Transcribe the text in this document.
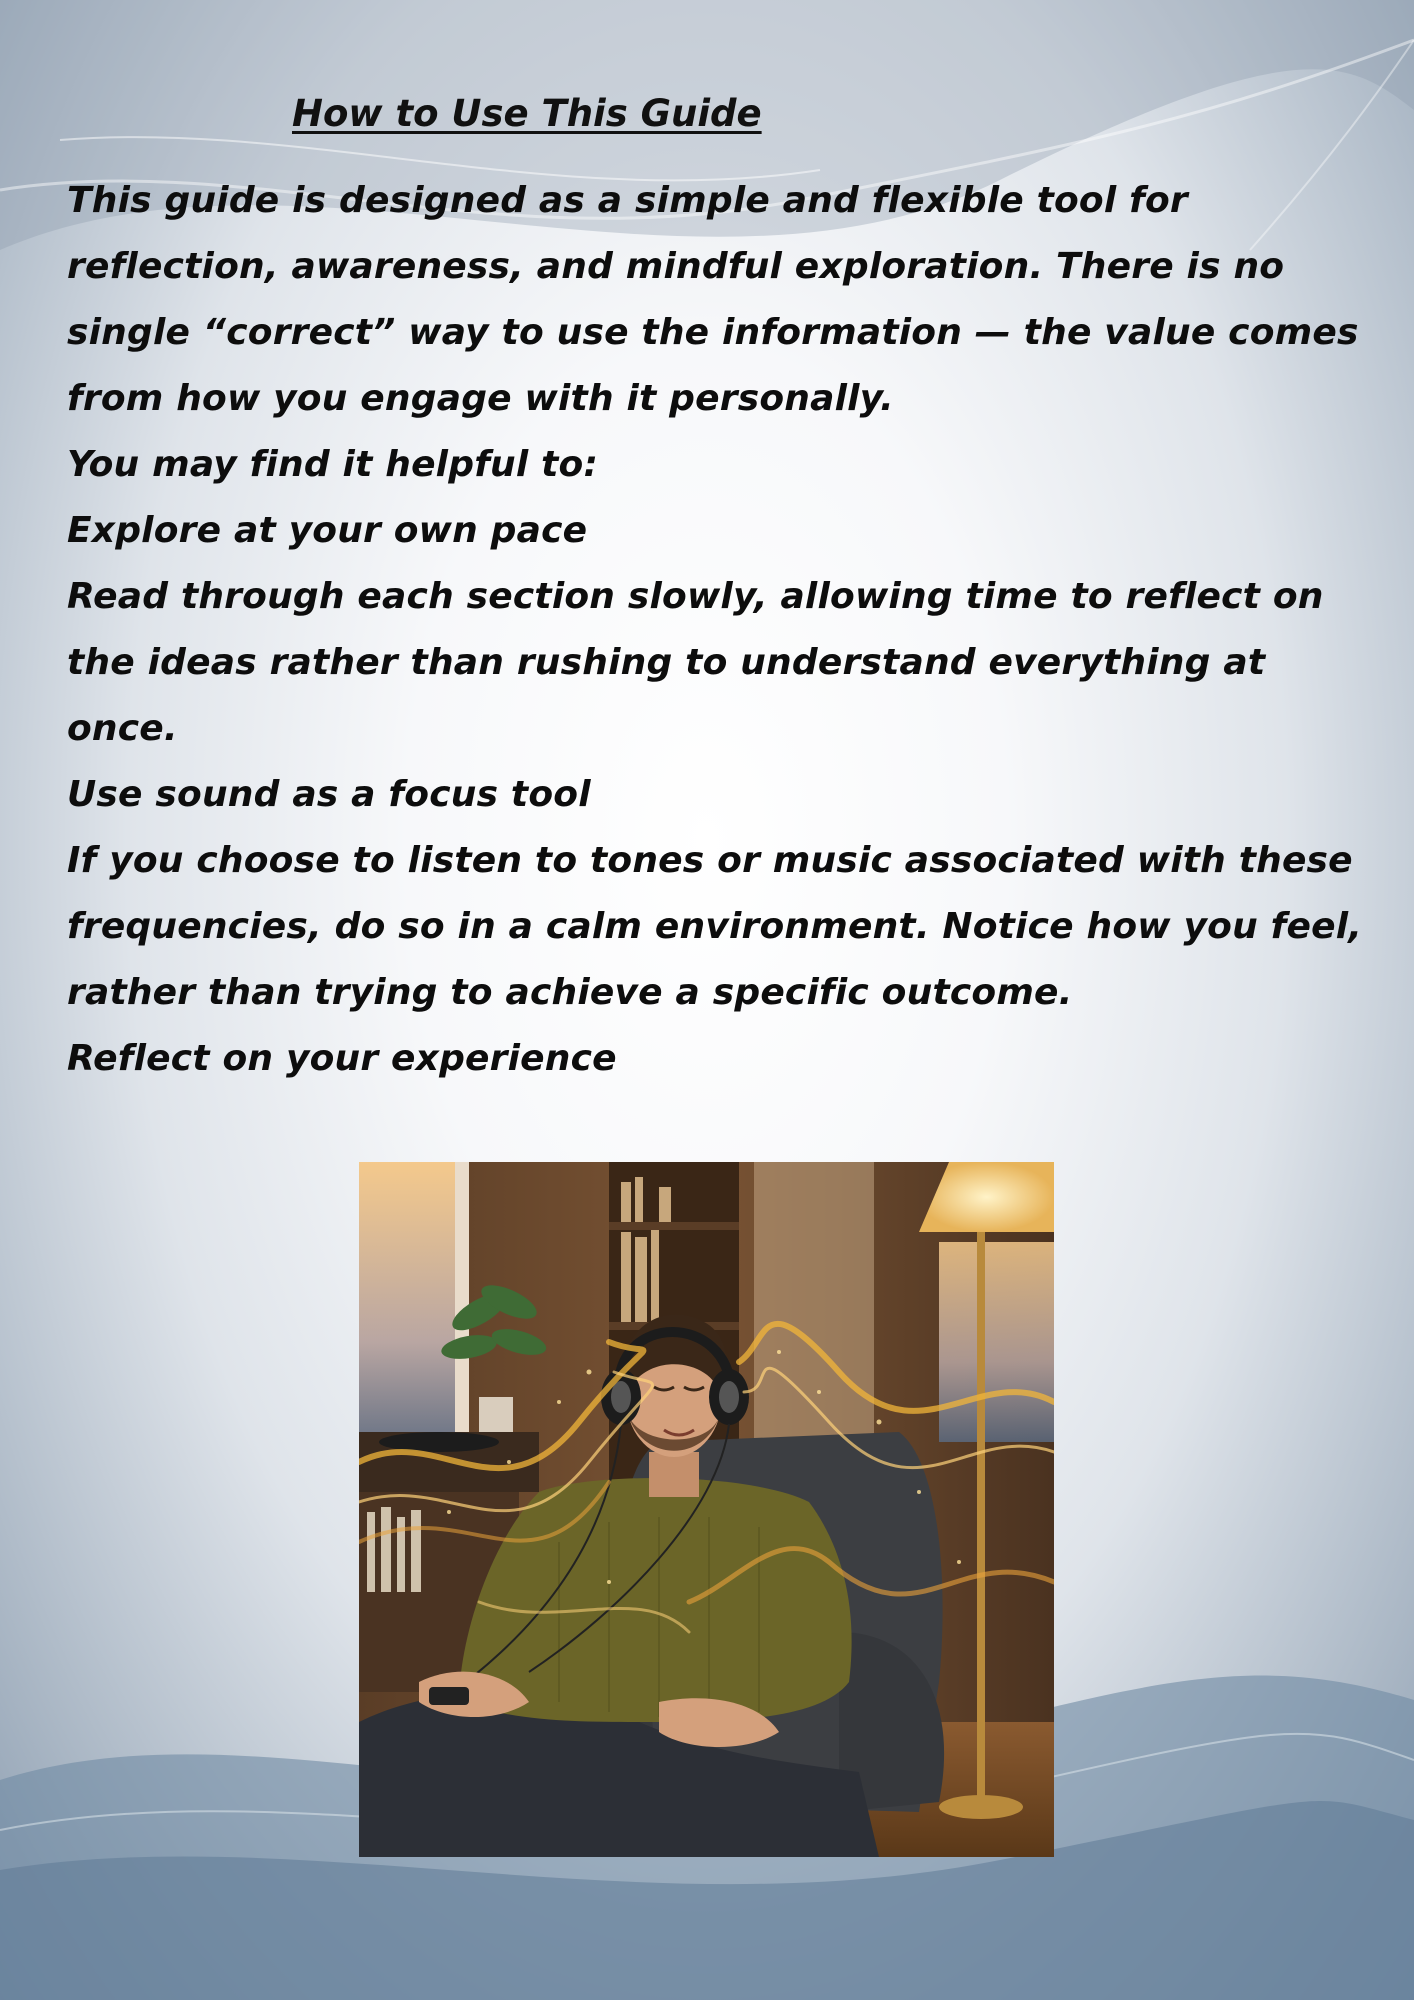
How to Use This Guide
This guide is designed as a simple and flexible tool for
reflection, awareness, and mindful exploration. There is no
single “correct” way to use the information — the value comes
from how you engage with it personally.
You may find it helpful to:
Explore at your own pace
Read through each section slowly, allowing time to reflect on
the ideas rather than rushing to understand everything at
once.
Use sound as a focus tool
If you choose to listen to tones or music associated with these
frequencies, do so in a calm environment. Notice how you feel,
rather than trying to achieve a specific outcome.
Reflect on your experience
